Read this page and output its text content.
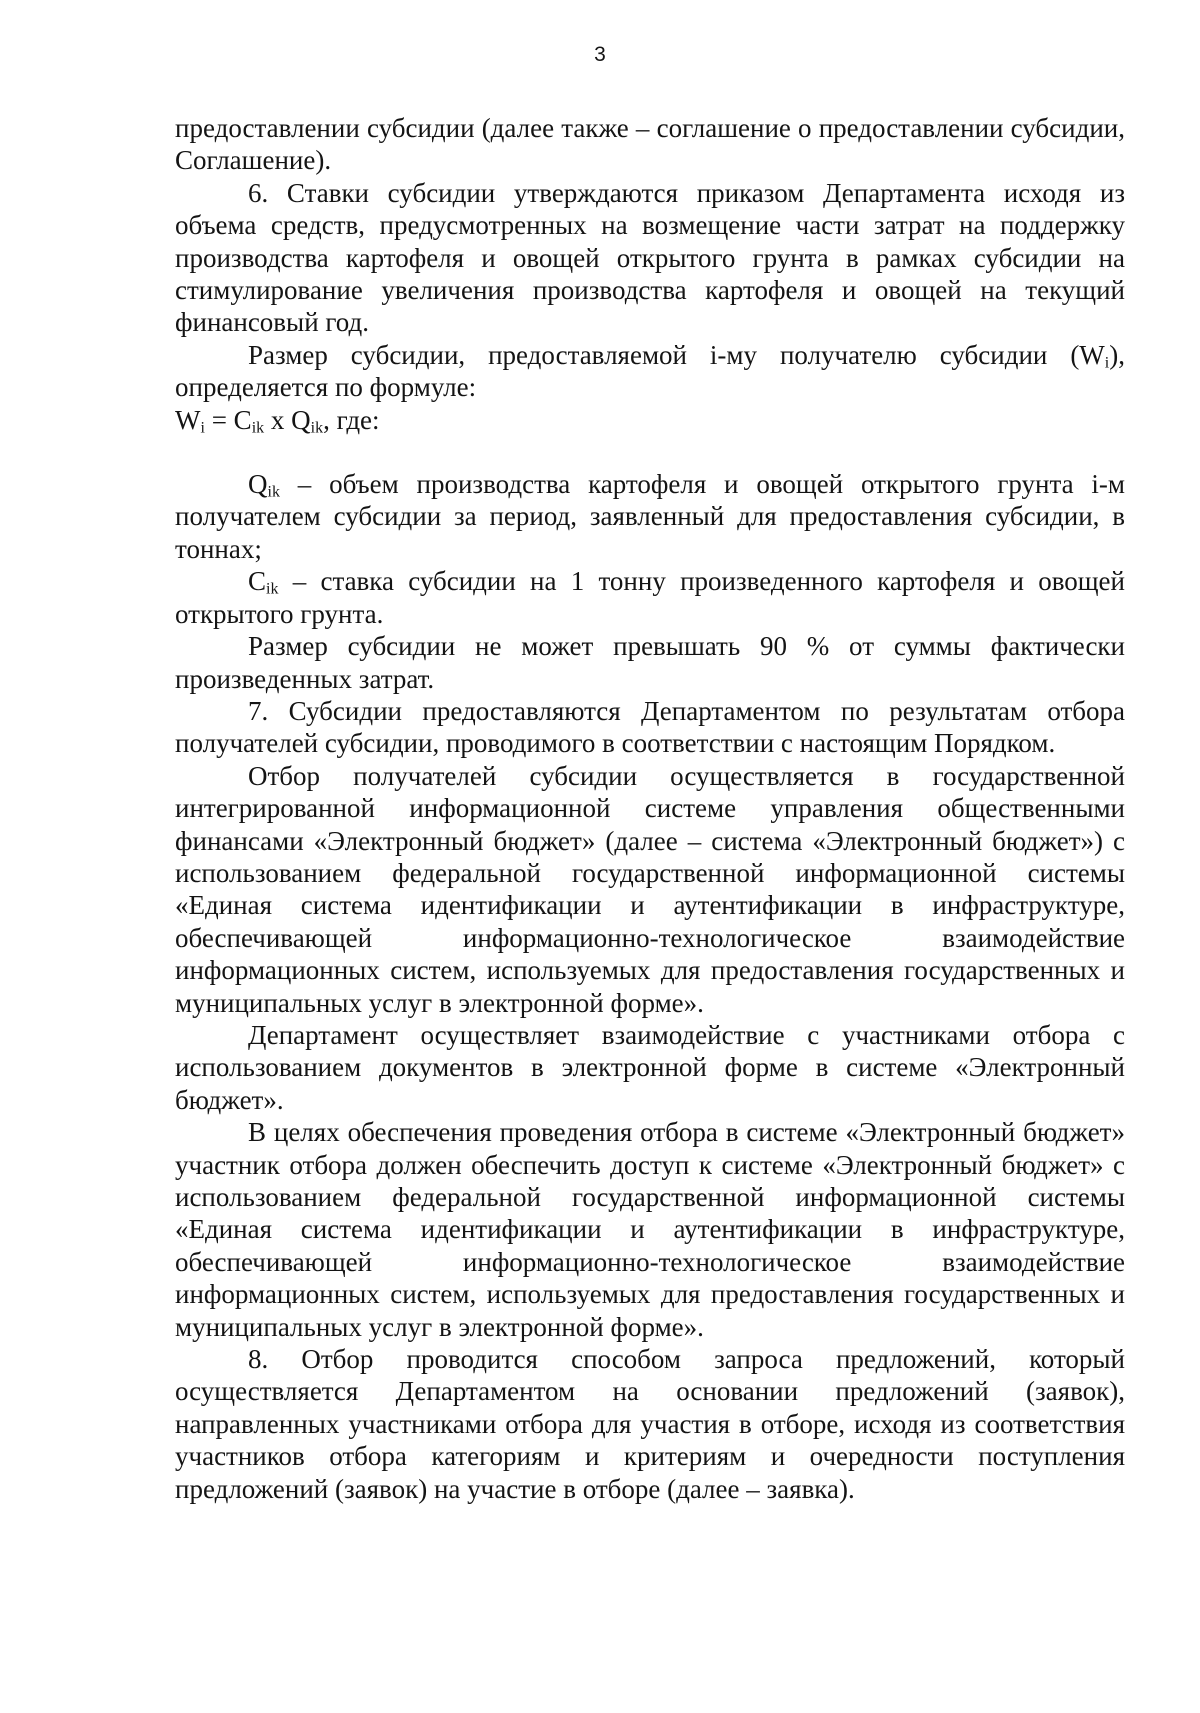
3

предоставлении субсидии (далее также – соглашение о предоставлении субсидии, Соглашение).

6. Ставки субсидии утверждаются приказом Департамента исходя из объема средств, предусмотренных на возмещение части затрат на поддержку производства картофеля и овощей открытого грунта в рамках субсидии на стимулирование увеличения производства картофеля и овощей на текущий финансовый год.

Размер субсидии, предоставляемой i-му получателю субсидии $(W_i)$, определяется по формуле:

$W_i = C_{ik}$ x $Q_{ik}$, где:

$Q_{ik}$ – объем производства картофеля и овощей открытого грунта i-м получателем субсидии за период, заявленный для предоставления субсидии, в тоннах;

$C_{ik}$ – ставка субсидии на 1 тонну произведенного картофеля и овощей открытого грунта.

Размер субсидии не может превышать 90 % от суммы фактически произведенных затрат.

7. Субсидии предоставляются Департаментом по результатам отбора получателей субсидии, проводимого в соответствии с настоящим Порядком.

Отбор получателей субсидии осуществляется в государственной интегрированной информационной системе управления общественными финансами «Электронный бюджет» (далее – система «Электронный бюджет») с использованием федеральной государственной информационной системы «Единая система идентификации и аутентификации в инфраструктуре, обеспечивающей информационно-технологическое взаимодействие информационных систем, используемых для предоставления государственных и муниципальных услуг в электронной форме».

Департамент осуществляет взаимодействие с участниками отбора с использованием документов в электронной форме в системе «Электронный бюджет».

В целях обеспечения проведения отбора в системе «Электронный бюджет» участник отбора должен обеспечить доступ к системе «Электронный бюджет» с использованием федеральной государственной информационной системы «Единая система идентификации и аутентификации в инфраструктуре, обеспечивающей информационно-технологическое взаимодействие информационных систем, используемых для предоставления государственных и муниципальных услуг в электронной форме».

8. Отбор проводится способом запроса предложений, который осуществляется Департаментом на основании предложений (заявок), направленных участниками отбора для участия в отборе, исходя из соответствия участников отбора категориям и критериям и очередности поступления предложений (заявок) на участие в отборе (далее – заявка).
